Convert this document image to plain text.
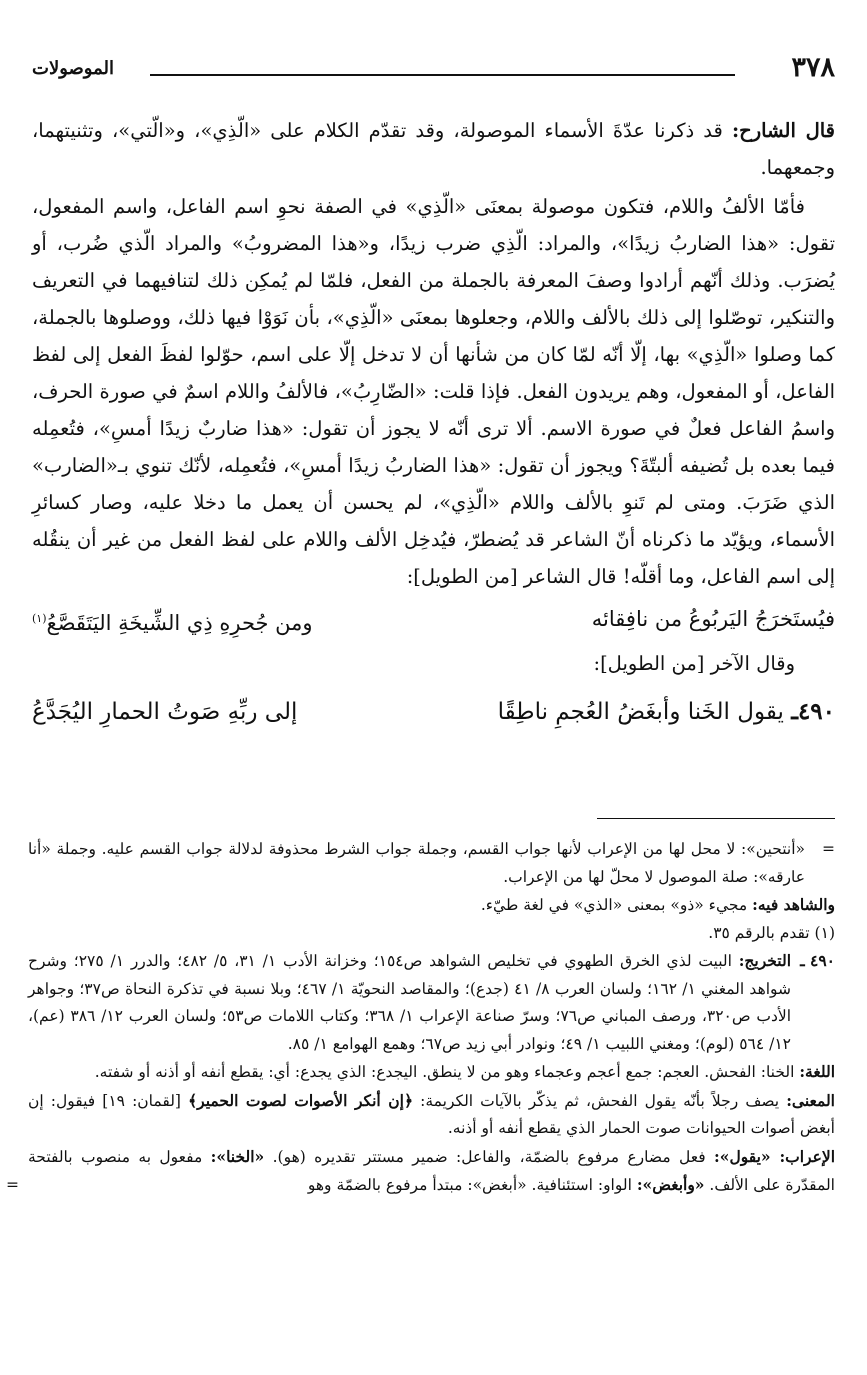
٣٧٨
الموصولات

قال الشارح: قد ذكرنا عدّةَ الأسماء الموصولة، وقد تقدّم الكلام على «الّذِي»، و«الّتي»، وتثنيتهما، وجمعهما.

فأمّا الألفُ واللام، فتكون موصولة بمعنَى «الّذِي» في الصفة نحوِ اسم الفاعل، واسم المفعول، تقول: «هذا الضاربُ زيدًا»، والمراد: الّذِي ضرب زيدًا، و«هذا المضروبُ» والمراد الّذي ضُرب، أو يُضرَب. وذلك أنّهم أرادوا وصفَ المعرفة بالجملة من الفعل، فلمّا لم يُمكِن ذلك لتنافيهما في التعريف والتنكير، توصّلوا إلى ذلك بالألف واللام، وجعلوها بمعنَى «الّذِي»، بأن نَوَوْا فيها ذلك، ووصلوها بالجملة، كما وصلوا «الّذِي» بها، إلّا أنّه لمّا كان من شأنها أن لا تدخل إلّا على اسم، حوّلوا لفظَ الفعل إلى لفظ الفاعل، أو المفعول، وهم يريدون الفعل. فإذا قلت: «الضّارِبُ»، فالألفُ واللام اسمٌ في صورة الحرف، واسمُ الفاعل فعلٌ في صورة الاسم. ألا ترى أنّه لا يجوز أن تقول: «هذا ضاربٌ زيدًا أمسِ»، فتُعمِله فيما بعده بل تُضيفه ألبتّةَ؟ ويجوز أن تقول: «هذا الضاربُ زيدًا أمسِ»، فتُعمِله، لأنّك تنوي بـ«الضارب» الذي ضَرَبَ. ومتى لم تَنوِ بالألف واللام «الّذِي»، لم يحسن أن يعمل ما دخلا عليه، وصار كسائرِ الأسماء، ويؤيّد ما ذكرناه أنّ الشاعر قد يُضطرّ، فيُدخِل الألف واللام على لفظ الفعل من غير أن ينقُله إلى اسم الفاعل، وما أقلّه! قال الشاعر [من الطويل]:

فيُستَخرَجُ اليَربُوعُ من نافِقائه
ومن جُحرِهِ ذِي الشِّيخَةِ اليَتَقَصَّعُ$^{(١)}$

وقال الآخر [من الطويل]:

٤٩٠ـ يقول الخَنا وأبغَضُ العُجمِ ناطِقًا
إلى ربِّهِ صَوتُ الحمارِ اليُجَدَّعُ

=
«أنتحين»: لا محل لها من الإعراب لأنها جواب القسم، وجملة جواب الشرط محذوفة لدلالة جواب القسم عليه. وجملة «أنا عارقه»: صلة الموصول لا محلّ لها من الإعراب.

والشاهد فيه: مجيء «ذو» بمعنى «الذي» في لغة طيّء.

(١) تقدم بالرقم ٣٥.

٤٩٠ ـ
التخريج: البيت لذي الخرق الطهوي في تخليص الشواهد ص١٥٤؛ وخزانة الأدب ١/ ٣١، ٥/ ٤٨٢؛ والدرر ١/ ٢٧٥؛ وشرح شواهد المغني ١/ ١٦٢؛ ولسان العرب ٨/ ٤١ (جدع)؛ والمقاصد النحويّة ١/ ٤٦٧؛ وبلا نسبة في تذكرة النحاة ص٣٧؛ وجواهر الأدب ص٣٢٠، ورصف المباني ص٧٦؛ وسرّ صناعة الإعراب ١/ ٣٦٨؛ وكتاب اللامات ص٥٣؛ ولسان العرب ١٢/ ٣٨٦ (عم)، ١٢/ ٥٦٤ (لوم)؛ ومغني اللبيب ١/ ٤٩؛ ونوادر أبي زيد ص٦٧؛ وهمع الهوامع ١/ ٨٥.

اللغة: الخنا: الفحش. العجم: جمع أعجم وعجماء وهو من لا ينطق. اليجدع: الذي يجدع: أي: يقطع أنفه أو أذنه أو شفته.

المعنى: يصف رجلاً بأنّه يقول الفحش، ثم يذكّر بالآيات الكريمة: ﴿إن أنكر الأصوات لصوت الحمير﴾ [لقمان: ١٩] فيقول: إن أبغض أصوات الحيوانات صوت الحمار الذي يقطع أنفه أو أذنه.

الإعراب: «يقول»: فعل مضارع مرفوع بالضمّة، والفاعل: ضمير مستتر تقديره (هو). «الخنا»: مفعول به منصوب بالفتحة المقدّرة على الألف. «وأبغض»: الواو: استئنافية. «أبغض»: مبتدأ مرفوع بالضمّة وهو
=
